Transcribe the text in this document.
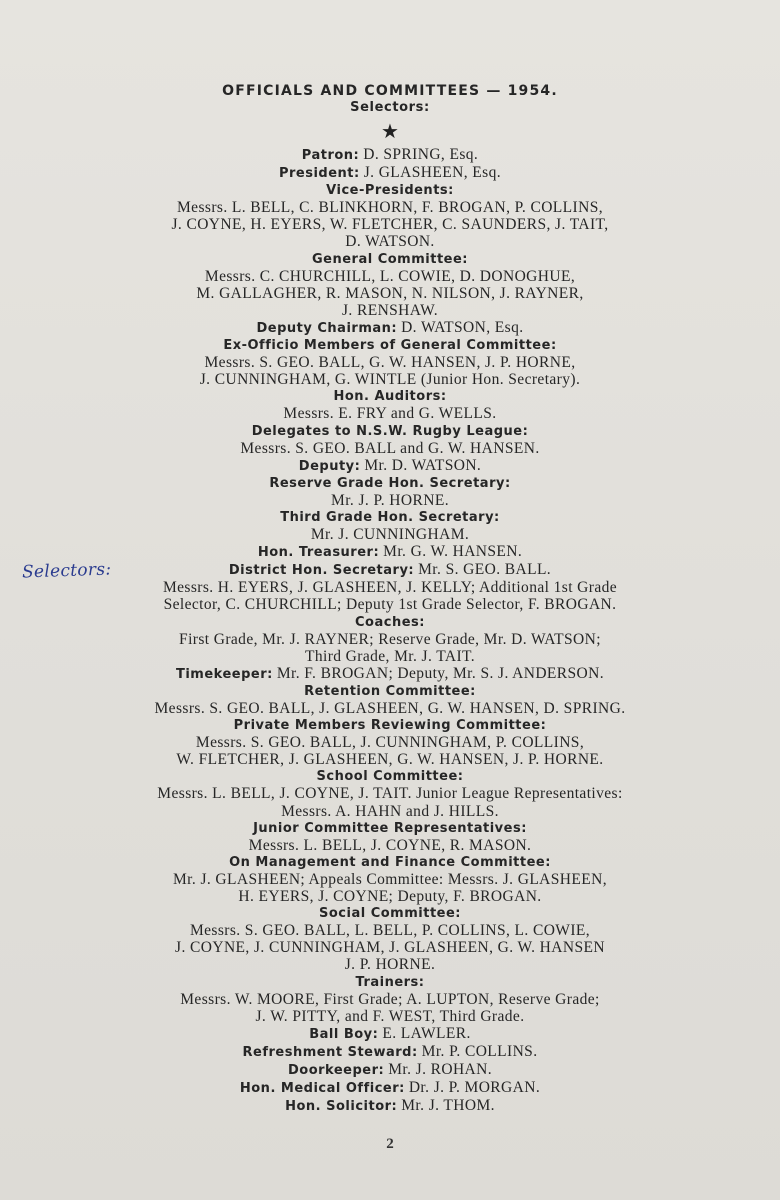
Selectors:
OFFICIALS AND COMMITTEES — 1954.
Selectors:
★
Patron: D. SPRING, Esq.
President: J. GLASHEEN, Esq.
Vice-Presidents:
Messrs. L. BELL, C. BLINKHORN, F. BROGAN, P. COLLINS,
J. COYNE, H. EYERS, W. FLETCHER, C. SAUNDERS, J. TAIT,
D. WATSON.
General Committee:
Messrs. C. CHURCHILL, L. COWIE, D. DONOGHUE,
M. GALLAGHER, R. MASON, N. NILSON, J. RAYNER,
J. RENSHAW.
Deputy Chairman: D. WATSON, Esq.
Ex-Officio Members of General Committee:
Messrs. S. GEO. BALL, G. W. HANSEN, J. P. HORNE,
J. CUNNINGHAM, G. WINTLE (Junior Hon. Secretary).
Hon. Auditors:
Messrs. E. FRY and G. WELLS.
Delegates to N.S.W. Rugby League:
Messrs. S. GEO. BALL and G. W. HANSEN.
Deputy: Mr. D. WATSON.
Reserve Grade Hon. Secretary:
Mr. J. P. HORNE.
Third Grade Hon. Secretary:
Mr. J. CUNNINGHAM.
Hon. Treasurer: Mr. G. W. HANSEN.
District Hon. Secretary: Mr. S. GEO. BALL.
Messrs. H. EYERS, J. GLASHEEN, J. KELLY; Additional 1st Grade
Selector, C. CHURCHILL; Deputy 1st Grade Selector, F. BROGAN.
Coaches:
First Grade, Mr. J. RAYNER; Reserve Grade, Mr. D. WATSON;
Third Grade, Mr. J. TAIT.
Timekeeper: Mr. F. BROGAN; Deputy, Mr. S. J. ANDERSON.
Retention Committee:
Messrs. S. GEO. BALL, J. GLASHEEN, G. W. HANSEN, D. SPRING.
Private Members Reviewing Committee:
Messrs. S. GEO. BALL, J. CUNNINGHAM, P. COLLINS,
W. FLETCHER, J. GLASHEEN, G. W. HANSEN, J. P. HORNE.
School Committee:
Messrs. L. BELL, J. COYNE, J. TAIT. Junior League Representatives:
Messrs. A. HAHN and J. HILLS.
Junior Committee Representatives:
Messrs. L. BELL, J. COYNE, R. MASON.
On Management and Finance Committee:
Mr. J. GLASHEEN; Appeals Committee: Messrs. J. GLASHEEN,
H. EYERS, J. COYNE; Deputy, F. BROGAN.
Social Committee:
Messrs. S. GEO. BALL, L. BELL, P. COLLINS, L. COWIE,
J. COYNE, J. CUNNINGHAM, J. GLASHEEN, G. W. HANSEN
J. P. HORNE.
Trainers:
Messrs. W. MOORE, First Grade; A. LUPTON, Reserve Grade;
J. W. PITTY, and F. WEST, Third Grade.
Ball Boy: E. LAWLER.
Refreshment Steward: Mr. P. COLLINS.
Doorkeeper: Mr. J. ROHAN.
Hon. Medical Officer: Dr. J. P. MORGAN.
Hon. Solicitor: Mr. J. THOM.
2
